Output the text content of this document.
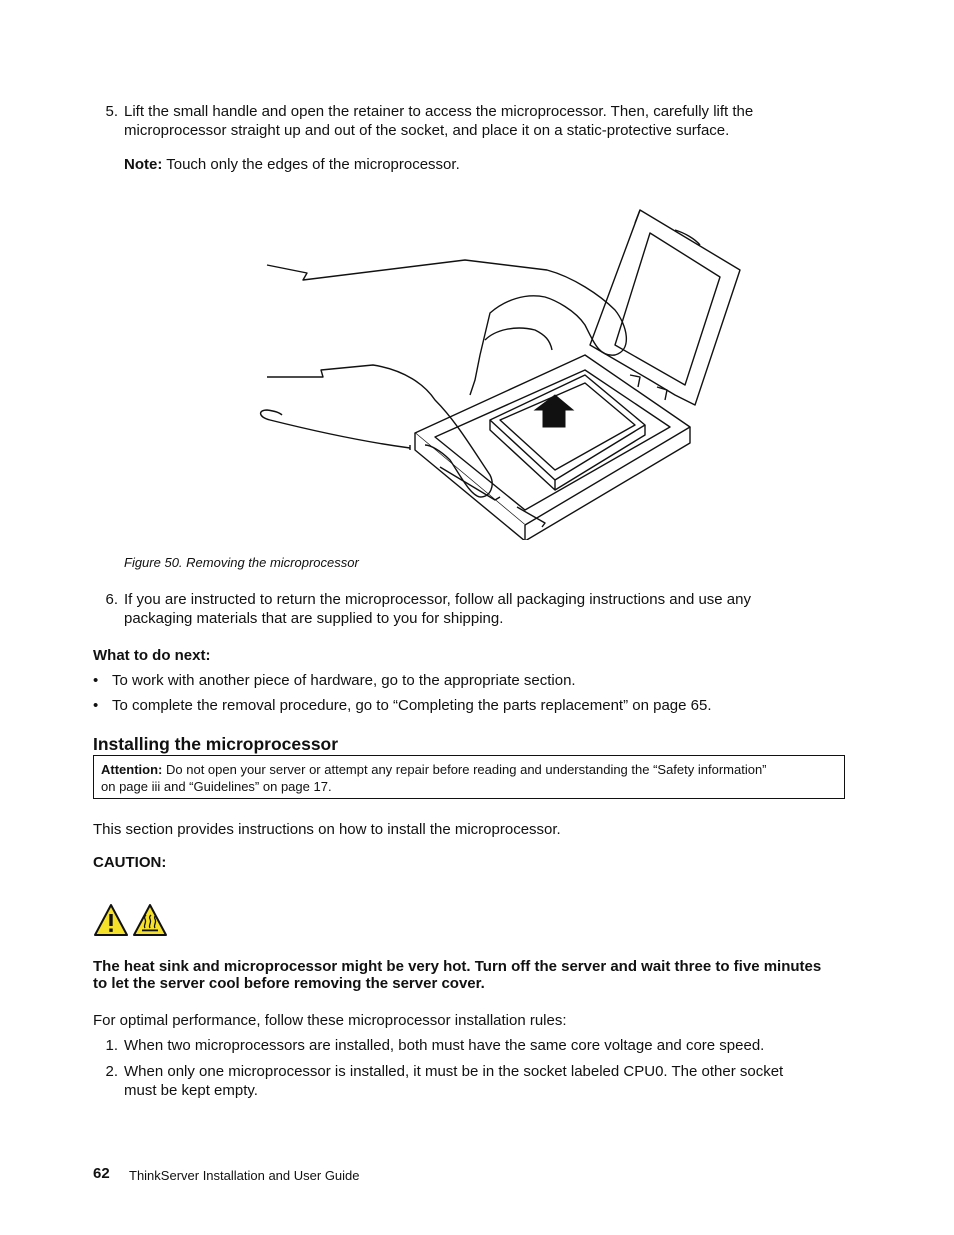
5. Lift the small handle and open the retainer to access the microprocessor. Then, carefully lift the
microprocessor straight up and out of the socket, and place it on a static-protective surface.
Note: Touch only the edges of the microprocessor.
Figure 50. Removing the microprocessor
6. If you are instructed to return the microprocessor, follow all packaging instructions and use any
packaging materials that are supplied to you for shipping.
What to do next:
• To work with another piece of hardware, go to the appropriate section.
• To complete the removal procedure, go to “Completing the parts replacement” on page 65.
Installing the microprocessor
Attention: Do not open your server or attempt any repair before reading and understanding the “Safety information”
on page iii and “Guidelines” on page 17.
This section provides instructions on how to install the microprocessor.
CAUTION:
The heat sink and microprocessor might be very hot. Turn off the server and wait three to five minutes
to let the server cool before removing the server cover.
For optimal performance, follow these microprocessor installation rules:
1. When two microprocessors are installed, both must have the same core voltage and core speed.
2. When only one microprocessor is installed, it must be in the socket labeled CPU0. The other socket
must be kept empty.
62 ThinkServer Installation and User Guide
